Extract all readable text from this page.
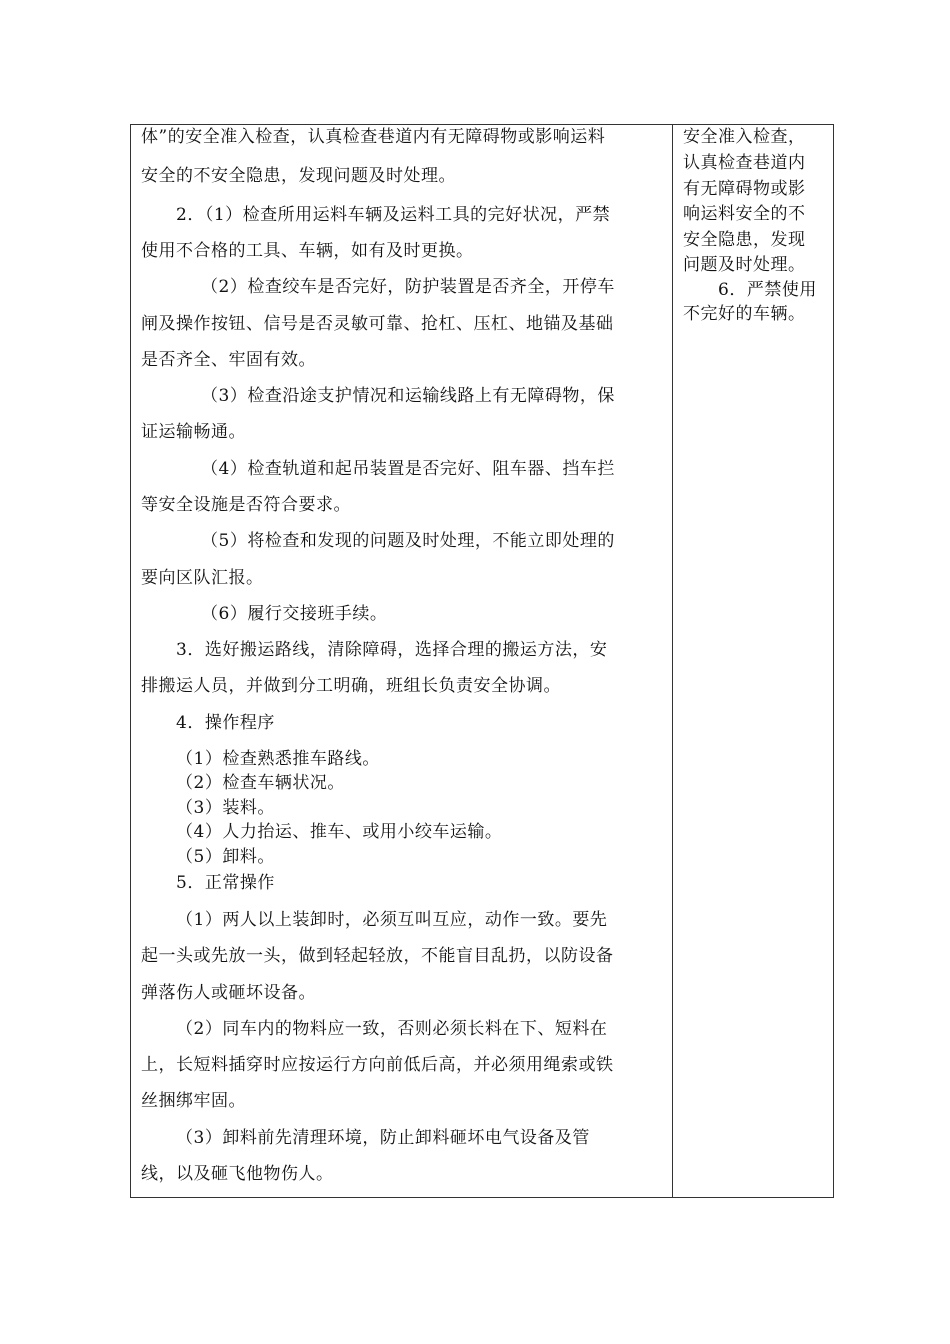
体”的安全准入检查，认真检查巷道内有无障碍物或影响运料
安全的不安全隐患，发现问题及时处理。
2．（1）检查所用运料车辆及运料工具的完好状况，严禁
使用不合格的工具、车辆，如有及时更换。
（2）检查绞车是否完好，防护装置是否齐全，开停车
闸及操作按钮、信号是否灵敏可靠、抢杠、压杠、地锚及基础
是否齐全、牢固有效。
（3）检查沿途支护情况和运输线路上有无障碍物，保
证运输畅通。
（4）检查轨道和起吊装置是否完好、阻车器、挡车拦
等安全设施是否符合要求。
（5）将检查和发现的问题及时处理，不能立即处理的
要向区队汇报。
（6）履行交接班手续。
3．选好搬运路线，清除障碍，选择合理的搬运方法，安
排搬运人员，并做到分工明确，班组长负责安全协调。
4．操作程序
（1）检查熟悉推车路线。
（2）检查车辆状况。
（3）装料。
（4）人力抬运、推车、或用小绞车运输。
（5）卸料。
5．正常操作
（1）两人以上装卸时，必须互叫互应，动作一致。要先
起一头或先放一头，做到轻起轻放，不能盲目乱扔，以防设备
弹落伤人或砸坏设备。
（2）同车内的物料应一致，否则必须长料在下、短料在
上，长短料插穿时应按运行方向前低后高，并必须用绳索或铁
丝捆绑牢固。
（3）卸料前先清理环境，防止卸料砸坏电气设备及管
线，以及砸飞他物伤人。
安全准入检查，
认真检查巷道内
有无障碍物或影
响运料安全的不
安全隐患，发现
问题及时处理。
6．严禁使用
不完好的车辆。
